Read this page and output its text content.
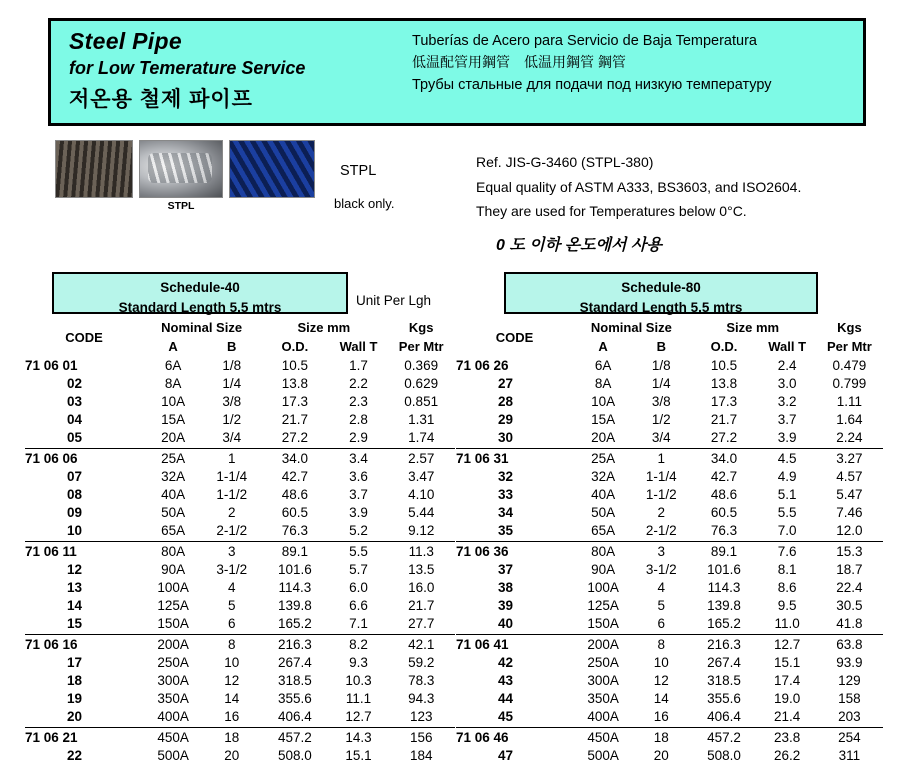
Steel Pipe
for Low Temerature Service
저온용 철제 파이프
Tuberías de Acero para Servicio de Baja Temperatura
低温配管用鋼管 低温用鋼管 鋼管
Трубы стальные для подачи под низкую температуру
STPL
STPL
black only.
Ref. JIS-G-3460 (STPL-380)
Equal quality of ASTM A333, BS3603, and ISO2604.
They are used for Temperatures below 0°C.
0 도 이하 온도에서 사용
Schedule-40
Standard Length 5.5 mtrs
Schedule-80
Standard Length 5.5 mtrs
Unit Per Lgh
CODE	Nominal Size		Size mm		Kgs
	A	B	O.D.	Wall T	Per Mtr
71 06 01	6A	1/8	10.5	1.7	0.369
02	8A	1/4	13.8	2.2	0.629
03	10A	3/8	17.3	2.3	0.851
04	15A	1/2	21.7	2.8	1.31
05	20A	3/4	27.2	2.9	1.74
71 06 06	25A	1	34.0	3.4	2.57
07	32A	1-1/4	42.7	3.6	3.47
08	40A	1-1/2	48.6	3.7	4.10
09	50A	2	60.5	3.9	5.44
10	65A	2-1/2	76.3	5.2	9.12
71 06 11	80A	3	89.1	5.5	11.3
12	90A	3-1/2	101.6	5.7	13.5
13	100A	4	114.3	6.0	16.0
14	125A	5	139.8	6.6	21.7
15	150A	6	165.2	7.1	27.7
71 06 16	200A	8	216.3	8.2	42.1
17	250A	10	267.4	9.3	59.2
18	300A	12	318.5	10.3	78.3
19	350A	14	355.6	11.1	94.3
20	400A	16	406.4	12.7	123
71 06 21	450A	18	457.2	14.3	156
22	500A	20	508.0	15.1	184
CODE	Nominal Size		Size mm		Kgs
	A	B	O.D.	Wall T	Per Mtr
71 06 26	6A	1/8	10.5	2.4	0.479
27	8A	1/4	13.8	3.0	0.799
28	10A	3/8	17.3	3.2	1.11
29	15A	1/2	21.7	3.7	1.64
30	20A	3/4	27.2	3.9	2.24
71 06 31	25A	1	34.0	4.5	3.27
32	32A	1-1/4	42.7	4.9	4.57
33	40A	1-1/2	48.6	5.1	5.47
34	50A	2	60.5	5.5	7.46
35	65A	2-1/2	76.3	7.0	12.0
71 06 36	80A	3	89.1	7.6	15.3
37	90A	3-1/2	101.6	8.1	18.7
38	100A	4	114.3	8.6	22.4
39	125A	5	139.8	9.5	30.5
40	150A	6	165.2	11.0	41.8
71 06 41	200A	8	216.3	12.7	63.8
42	250A	10	267.4	15.1	93.9
43	300A	12	318.5	17.4	129
44	350A	14	355.6	19.0	158
45	400A	16	406.4	21.4	203
71 06 46	450A	18	457.2	23.8	254
47	500A	20	508.0	26.2	311
